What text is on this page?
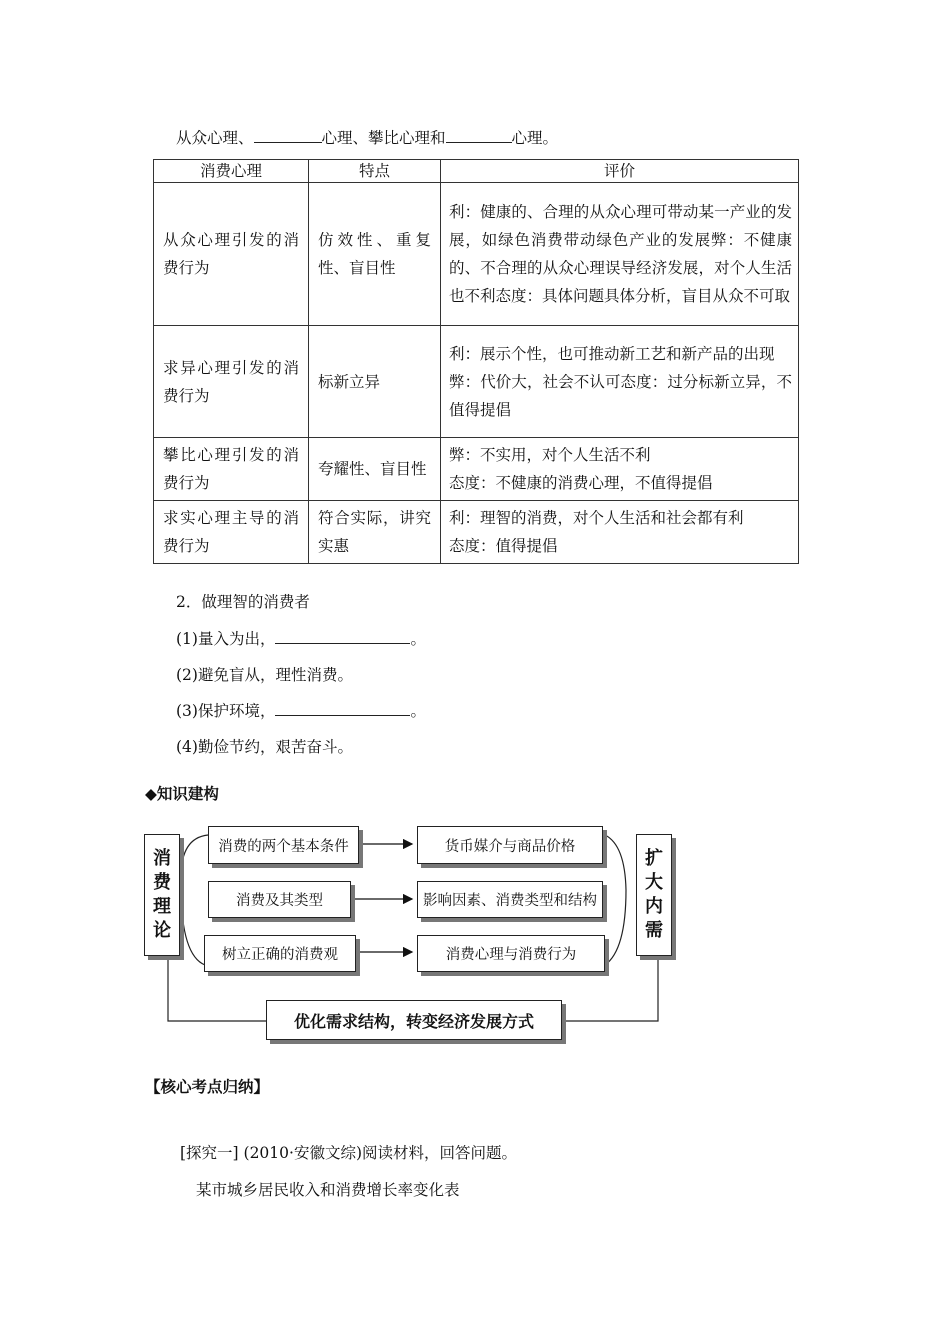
从众心理、	心理、攀比心理和	心理。
消费心理	特点	评价
从众心理引发的消费行为	仿效性、重复性、盲目性	利：健康的、合理的从众心理可带动某一产业的发展，如绿色消费带动绿色产业的发展弊：不健康的、不合理的从众心理误导经济发展，对个人生活也不利态度：具体问题具体分析，盲目从众不可取

求异心理引发的消费行为	标新立异	利：展示个性，也可推动新工艺和新产品的出现
弊：代价大，社会不认可态度：过分标新立异，不值得提倡

攀比心理引发的消费行为	夸耀性、盲目性	弊：不实用，对个人生活不利
态度：不健康的消费心理，不值得提倡

求实心理主导的消费行为	符合实际，讲究实惠	利：理智的消费，对个人生活和社会都有利
态度：值得提倡
2．做理智的消费者
(1)量入为出，	。
(2)避免盲从，理性消费。
(3)保护环境，	。
(4)勤俭节约，艰苦奋斗。
◆知识建构
消
费
理
论
扩
大
内
需
消费的两个基本条件
消费及其类型
树立正确的消费观
货币媒介与商品价格
影响因素、消费类型和结构
消费心理与消费行为
优化需求结构，转变经济发展方式
【核心考点归纳】
[探究一] (2010·安徽文综)阅读材料，回答问题。
某市城乡居民收入和消费增长率变化表
